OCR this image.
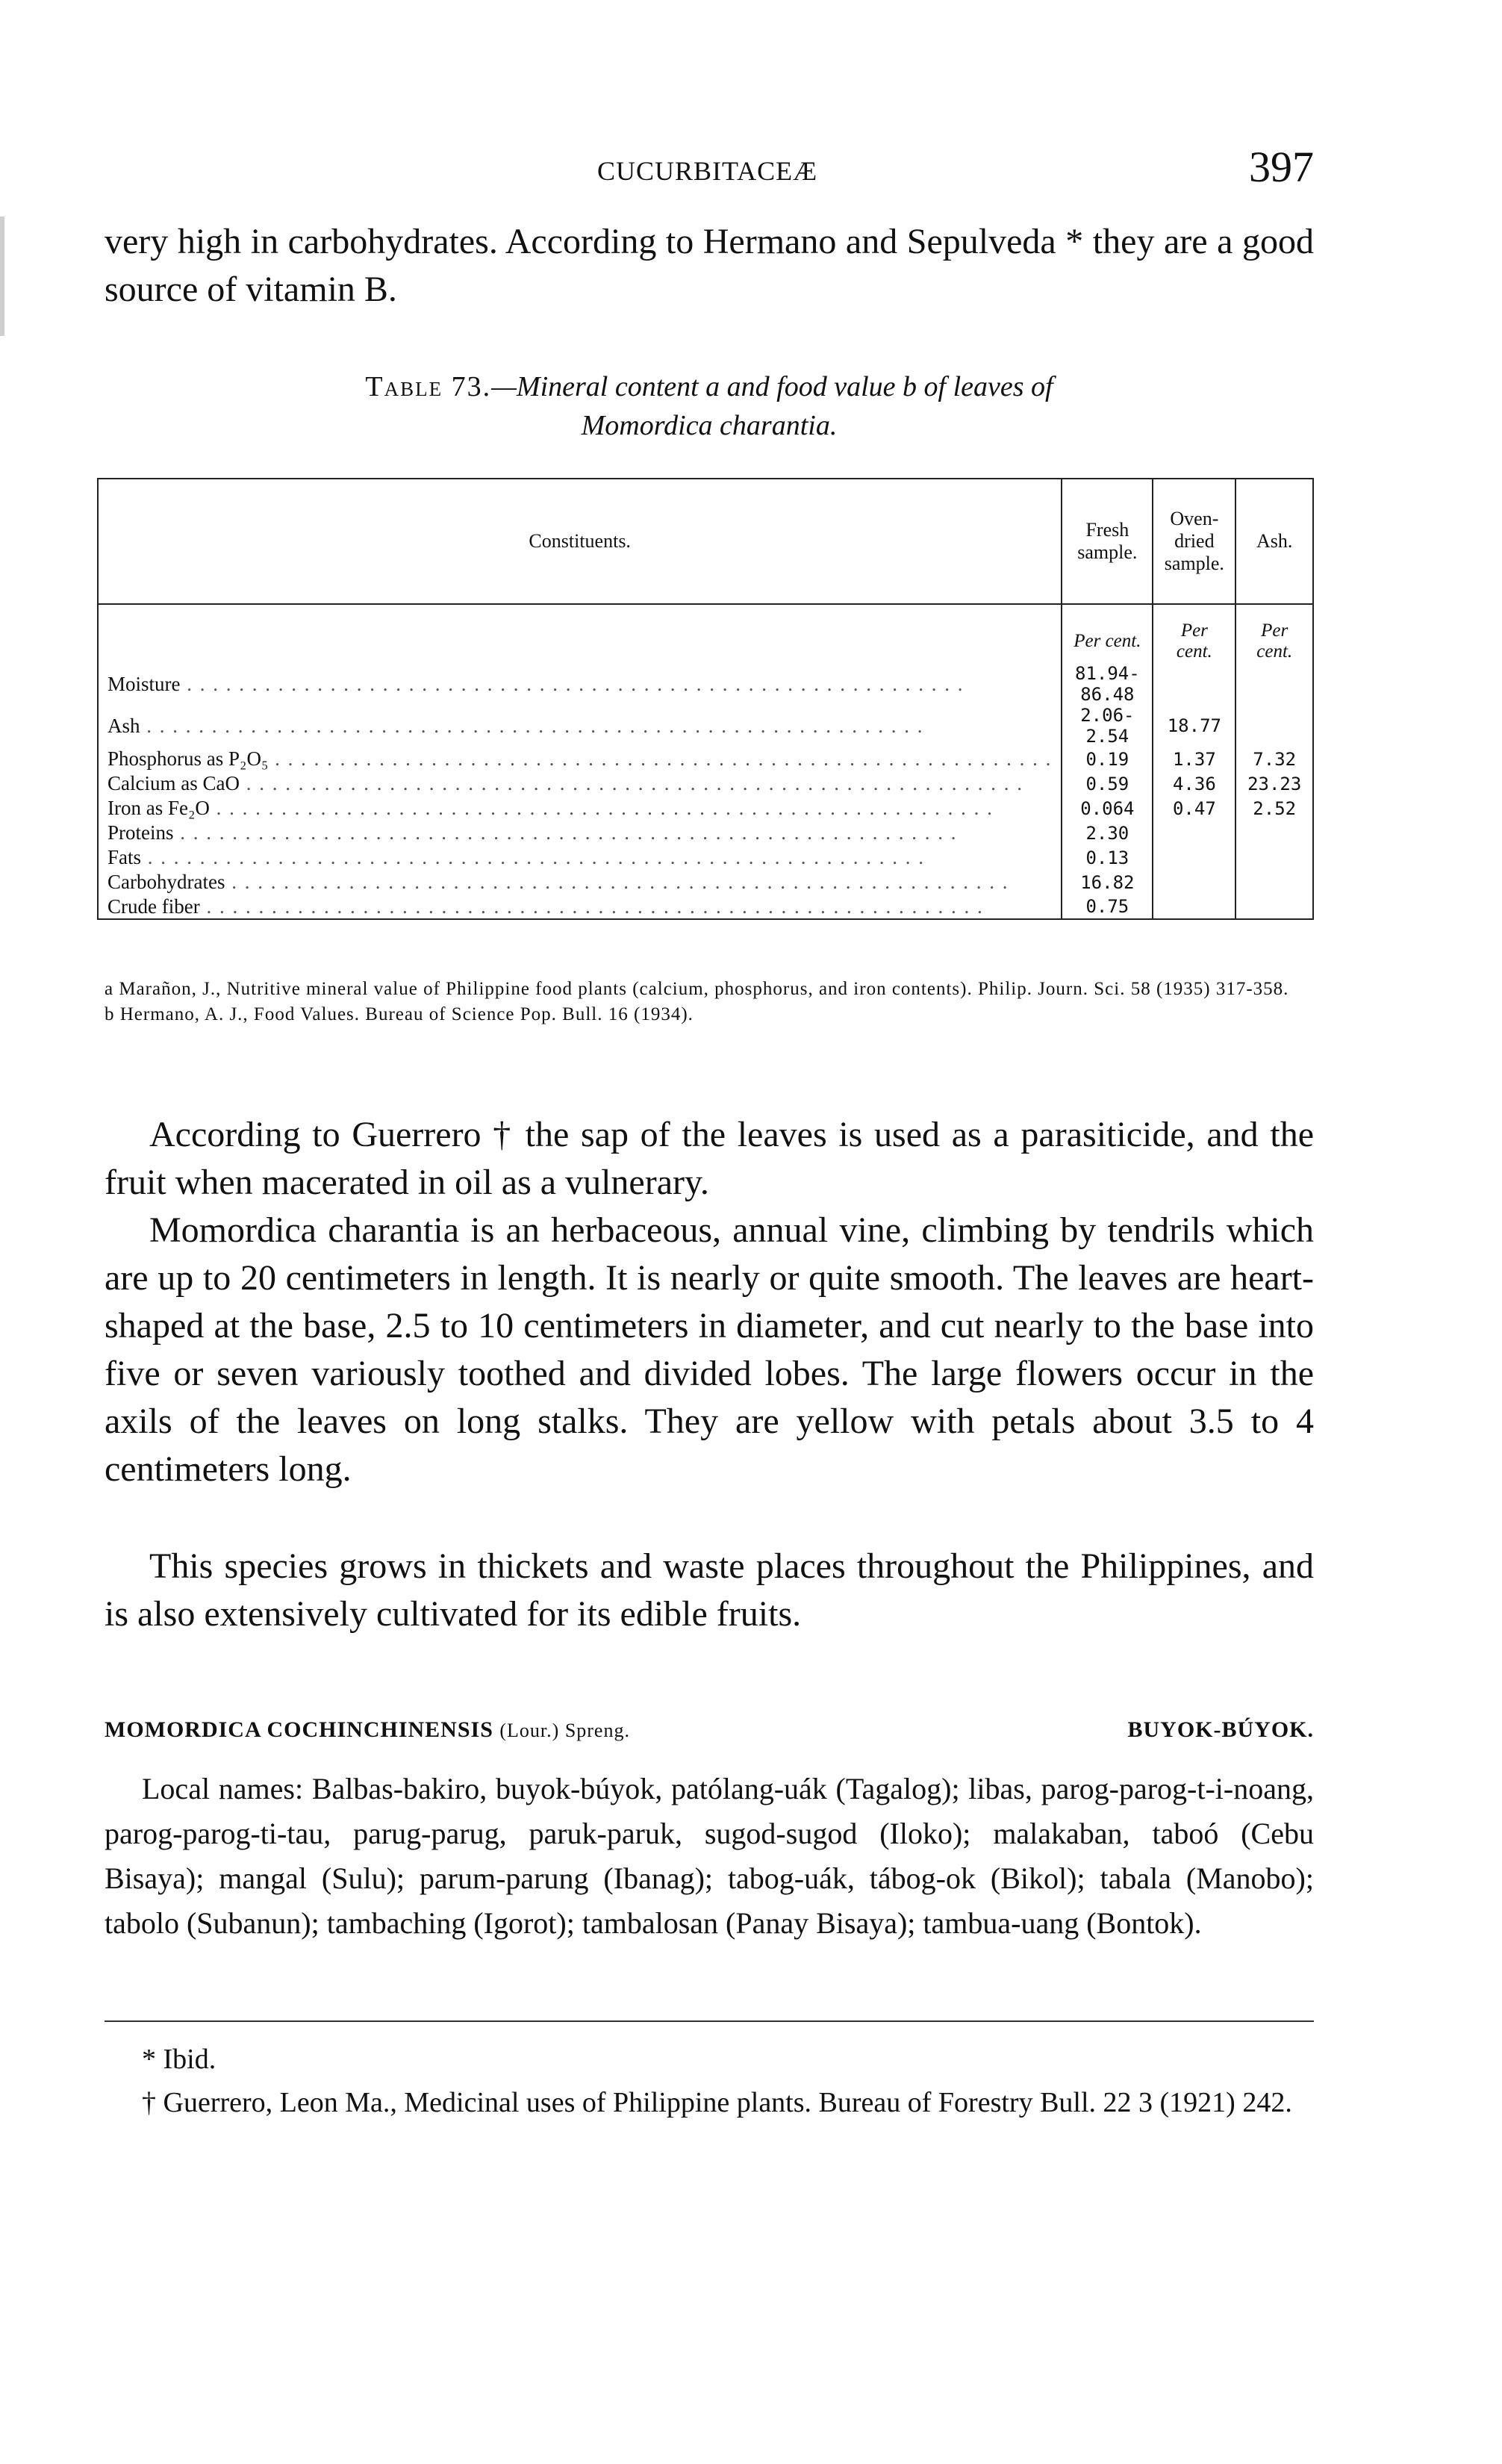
CUCURBITACEÆ	397

very high in carbohydrates. According to Hermano and Sepulveda * they are a good source of vitamin B.

Table 73.—Mineral content a and food value b of leaves of
Momordica charantia.
Constituents.	Fresh sample.	Oven-dried sample.	Ash.
	Per cent.	Per cent.	Per cent.
Moisture . . . . . . . . . . . . . . . . . . . . . . . . . . . . . . . . . . . . . . . . . . . . . . . . . . . . . . . . . . . .	81.94-86.48		
Ash . . . . . . . . . . . . . . . . . . . . . . . . . . . . . . . . . . . . . . . . . . . . . . . . . . . . . . . . . . . .	2.06- 2.54	18.77	
Phosphorus as P₂O₅ . . . . . . . . . . . . . . . . . . . . . . . . . . . . . . . . . . . . . . . . . . . . . . . . . . . . . . . . . . . .	0.19	1.37	7.32
Calcium as CaO . . . . . . . . . . . . . . . . . . . . . . . . . . . . . . . . . . . . . . . . . . . . . . . . . . . . . . . . . . . .	0.59	4.36	23.23
Iron as Fe₂O . . . . . . . . . . . . . . . . . . . . . . . . . . . . . . . . . . . . . . . . . . . . . . . . . . . . . . . . . . . .	0.064	0.47	2.52
Proteins . . . . . . . . . . . . . . . . . . . . . . . . . . . . . . . . . . . . . . . . . . . . . . . . . . . . . . . . . . . .	2.30		
Fats . . . . . . . . . . . . . . . . . . . . . . . . . . . . . . . . . . . . . . . . . . . . . . . . . . . . . . . . . . . .	0.13		
Carbohydrates . . . . . . . . . . . . . . . . . . . . . . . . . . . . . . . . . . . . . . . . . . . . . . . . . . . . . . . . . . . .	16.82		
Crude fiber . . . . . . . . . . . . . . . . . . . . . . . . . . . . . . . . . . . . . . . . . . . . . . . . . . . . . . . . . . . .	0.75		
a Marañon, J., Nutritive mineral value of Philippine food plants (calcium, phosphorus, and iron contents). Philip. Journ. Sci. 58 (1935) 317-358.
b Hermano, A. J., Food Values. Bureau of Science Pop. Bull. 16 (1934).

According to Guerrero † the sap of the leaves is used as a parasiticide, and the fruit when macerated in oil as a vulnerary.

Momordica charantia is an herbaceous, annual vine, climbing by tendrils which are up to 20 centimeters in length. It is nearly or quite smooth. The leaves are heart-shaped at the base, 2.5 to 10 centimeters in diameter, and cut nearly to the base into five or seven variously toothed and divided lobes. The large flowers occur in the axils of the leaves on long stalks. They are yellow with petals about 3.5 to 4 centimeters long.

This species grows in thickets and waste places throughout the Philippines, and is also extensively cultivated for its edible fruits.

MOMORDICA COCHINCHINENSIS (Lour.) Spreng.	BUYOK-BÚYOK.

Local names: Balbas-bakiro, buyok-búyok, patólang-uák (Tagalog); libas, parog-parog-t-i-noang, parog-parog-ti-tau, parug-parug, paruk-paruk, sugod-sugod (Iloko); malakaban, taboó (Cebu Bisaya); mangal (Sulu); parum-parung (Ibanag); tabog-uák, tábog-ok (Bikol); tabala (Manobo); tabolo (Subanun); tambaching (Igorot); tambalosan (Panay Bisaya); tambua-uang (Bontok).

* Ibid.
† Guerrero, Leon Ma., Medicinal uses of Philippine plants. Bureau of Forestry Bull. 22 3 (1921) 242.
